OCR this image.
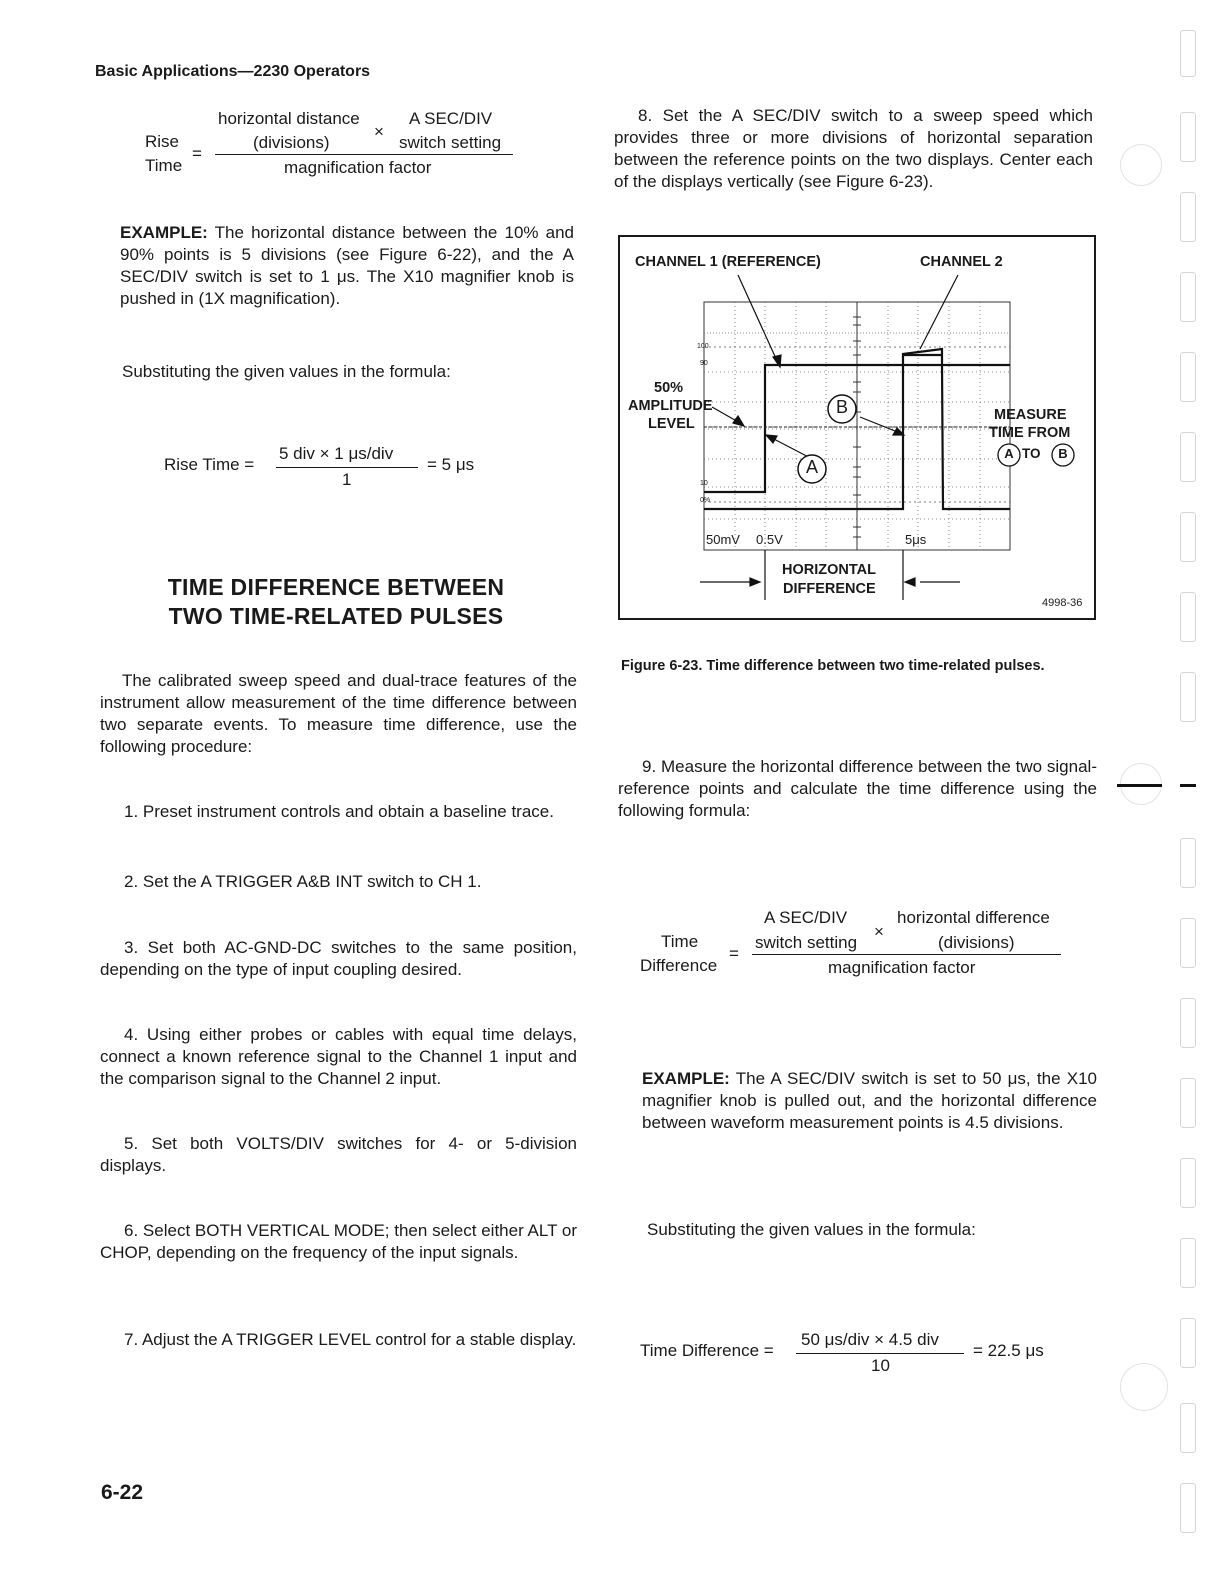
Basic Applications—2230 Operators
Rise
Time
=
horizontal distance
(divisions)
×
A SEC/DIV
switch setting
magnification factor
EXAMPLE: The horizontal distance between the 10% and 90% points is 5 divisions (see Figure 6-22), and the A SEC/DIV switch is set to 1 μs. The X10 magnifier knob is pushed in (1X magnification).
Substituting the given values in the formula:
Rise Time =
5 div × 1 μs/div
1
= 5 μs
TIME DIFFERENCE BETWEEN
TWO TIME-RELATED PULSES
The calibrated sweep speed and dual-trace features of the instrument allow measurement of the time difference between two separate events. To measure time difference, use the following procedure:
1. Preset instrument controls and obtain a baseline trace.
2. Set the A TRIGGER A&B INT switch to CH 1.
3. Set both AC-GND-DC switches to the same position, depending on the type of input coupling desired.
4. Using either probes or cables with equal time delays, connect a known reference signal to the Channel 1 input and the comparison signal to the Channel 2 input.
5. Set both VOLTS/DIV switches for 4- or 5-division displays.
6. Select BOTH VERTICAL MODE; then select either ALT or CHOP, depending on the frequency of the input signals.
7. Adjust the A TRIGGER LEVEL control for a stable display.
6-22
8. Set the A SEC/DIV switch to a sweep speed which provides three or more divisions of horizontal separation between the reference points on the two displays. Center each of the displays vertically (see Figure 6-23).
CHANNEL 1 (REFERENCE)	CHANNEL 2
50%
AMPLITUDE
LEVEL
MEASURE
TIME FROM
A TO B
B
A
50mV 0.5V	5μs
100
90
10
0%
HORIZONTAL
DIFFERENCE
4998-36
Figure 6-23. Time difference between two time-related pulses.
9. Measure the horizontal difference between the two signal-reference points and calculate the time difference using the following formula:
Time
Difference
=
A SEC/DIV
switch setting
×
horizontal difference
(divisions)
magnification factor
EXAMPLE: The A SEC/DIV switch is set to 50 μs, the X10 magnifier knob is pulled out, and the horizontal difference between waveform measurement points is 4.5 divisions.
Substituting the given values in the formula:
Time Difference =
50 μs/div × 4.5 div
10
= 22.5 μs
